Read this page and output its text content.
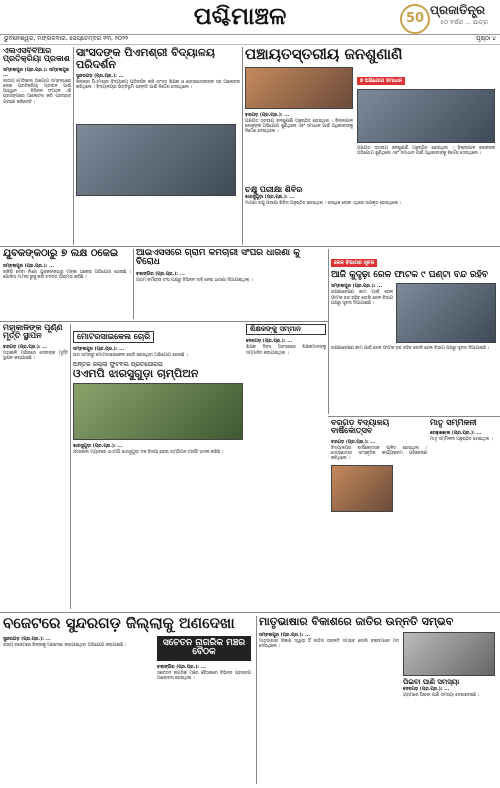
ପଶ୍ଚିମାଞ୍ଚଳ	50
ପ୍ରଜାତିନ୍ତ୍ର
୫୦ ବର୍ଷର ... ଯାତ୍ରା
ଭୁବନେଶ୍ୱର, ମଙ୍ଗଳବାର, ସେପ୍ଟେମ୍ବର ୧୩, ୨୦୨୨	ପୃଷ୍ଠା ୪
ଏଲଏସବିବିଆର ପ୍ରତିକ୍ରିୟା ପ୍ରକାଶ
ସମ୍ବଲପୁର (ପ୍ର.ପ୍ର.): ସମ୍ବଲପୁର ...
ଜାତୀୟ ମେଡିକାଲ ଆୟୋଗ ସମ୍ବନ୍ଧରେ ଲୋକ ପ୍ରତିକ୍ରିୟା ପ୍ରଦାନ ପାଇଁ ଆହ୍ୱାନ ... ବିଭିନ୍ନ ସଂଗଠନ ଏହି ପ୍ରସଙ୍ଗରେ ଆଲୋଚନା କରି ପ୍ରସ୍ତାବ ଗ୍ରହଣ କରିଛନ୍ତି ।
ସାଂସଦଙ୍କ ପିଏମଶ୍ରୀ ବିଦ୍ୟାଳୟ ପରିଦର୍ଶନ
ସୁନ୍ଦରଗଡ଼ (ପ୍ର.ପ୍ର.): ...
ଜିଲ୍ଲାର ପିଏମଶ୍ରୀ ବିଦ୍ୟାଳୟ ପରିଦର୍ଶନ କରି ସାଂସଦ ଶିକ୍ଷକ ଓ ଛାତ୍ରଛାତ୍ରୀଙ୍କ ସହ ଆଲୋଚନା କରିଥିଲେ । ବିଦ୍ୟାଳୟର ଭିତ୍ତିଭୂମି ଉନ୍ନତି ପାଇଁ ନିର୍ଦ୍ଦେଶ ଦେଇଥିଲେ ।
ପଞ୍ଚାୟତସ୍ତରୀୟ ଜନଶୁଣାଣି
ବରଗଡ଼ (ପ୍ର.ପ୍ର.): ...
ପଞ୍ଚାୟତ ସ୍ତରୀୟ ଜନଶୁଣାଣି ଅନୁଷ୍ଠିତ ହୋଇଥିଲା । ଜିଲ୍ଲାପାଳ ଲୋକଙ୍କ ଅଭିଯୋଗ ଶୁଣିଥିଲେ ଏବଂ ସମାଧାନ ପାଇଁ ଅଧିକାରୀଙ୍କୁ ନିର୍ଦ୍ଦେଶ ଦେଇଥିଲେ ।
୭ ଅଭିଯୋଗ ସମାଧାନ
ପଞ୍ଚାୟତ ସ୍ତରୀୟ ଜନଶୁଣାଣି ଅନୁଷ୍ଠିତ ହୋଇଥିଲା । ଜିଲ୍ଲାପାଳ ଲୋକଙ୍କ ଅଭିଯୋଗ ଶୁଣିଥିଲେ ଏବଂ ସମାଧାନ ପାଇଁ ଅଧିକାରୀଙ୍କୁ ନିର୍ଦ୍ଦେଶ ଦେଇଥିଲେ ।
ଚକ୍ଷୁ ପରୀକ୍ଷା ଶିବିର
ଝାରସୁଗୁଡ଼ା (ପ୍ର.ପ୍ର.): ...
ମାଗଣା ଚକ୍ଷୁ ପରୀକ୍ଷା ଶିବିର ଅନୁଷ୍ଠିତ ହୋଇଥିଲା । ଶତାଧିକ ଲୋକ ଏଥିରେ ଉପକୃତ ହୋଇଥିଲେ ।
ଯୁବକଙ୍କଠାରୁ ୭ ଲକ୍ଷ ଠକେଇ
ସମ୍ବଲପୁର (ପ୍ର.ପ୍ର.): ...
ଚାକିରି ଦେବା ନାଁରେ ଯୁବକଙ୍କଠାରୁ ଟଙ୍କା ଠକେଇ ଅଭିଯୋଗ ହୋଇଛି । ପୋଲିସ ମାମଲା ରୁଜୁ କରି ତଦନ୍ତ ଆରମ୍ଭ କରିଛି ।
ଆଇଏସସିରେ ଗ୍ରାମ କର୍ମଚାରୀ ସଂଘର ଧାରଣା କୁ ବିରୋଧ
ବଲାଙ୍ଗିର (ପ୍ର.ପ୍ର.): ...
ଗ୍ରାମ କର୍ମଚାରୀ ସଂଘ ପକ୍ଷରୁ ବିଭିନ୍ନ ଦାବି ନେଇ ଧାରଣା ଦିଆଯାଇଥିଲା ।
ରେଳ ବିଭାଗର ସୂଚନା
ଆଜି କୁଦୃଢ଼ା ରେଳ ଫାଟକ ୯ ଘଣ୍ଟା ବନ୍ଦ ରହିବ
ସମ୍ବଲପୁର (ପ୍ର.ପ୍ର.): ...
ରକ୍ଷଣାବେକ୍ଷଣ କାମ ପାଇଁ ରେଳ ଫାଟକ ବନ୍ଦ ରହିବ ବୋଲି ରେଳ ବିଭାଗ ପକ୍ଷରୁ ସୂଚନା ଦିଆଯାଇଛି ।
ରକ୍ଷଣାବେକ୍ଷଣ କାମ ପାଇଁ ରେଳ ଫାଟକ ବନ୍ଦ ରହିବ ବୋଲି ରେଳ ବିଭାଗ ପକ୍ଷରୁ ସୂଚନା ଦିଆଯାଇଛି ।
ମହାକାଳିଙ୍କ ପୂର୍ଣ୍ଣ ମୂର୍ତ୍ତି ସ୍ଥାପନ
ବରଗଡ଼ (ପ୍ର.ପ୍ର.): ...
ମହାକାଳି ମନ୍ଦିରରେ ଦେବୀଙ୍କ ମୂର୍ତ୍ତି ସ୍ଥାପନ କରାଯାଇଛି ।
ମୋଟରସାଇକେଲ ଚୋରି
ସମ୍ବଲପୁର (ପ୍ର.ପ୍ର.): ...
ଘର ସାମ୍ନାରୁ ମୋଟରସାଇକେଲ ଚୋରି ହୋଇଥିବା ଅଭିଯୋଗ ହୋଇଛି ।
ଶିକ୍ଷକଙ୍କୁ ସମ୍ମାନ
ଦେବଗଡ଼ (ପ୍ର.ପ୍ର.): ...
ଶିକ୍ଷକ ଦିବସ ଅବସରରେ ଶିକ୍ଷକମାନଙ୍କୁ ସମ୍ମାନିତ କରାଯାଇଥିଲା ।
ଅନ୍ତର ଜିଲ୍ଲା ଫୁଟବଲ ପ୍ରତିଯୋଗିତା
ଓଏମପି ଝାରସୁଗୁଡ଼ା ଚାମ୍ପିଅନ
ଝାରସୁଗୁଡ଼ା (ପ୍ର.ପ୍ର.): ...
ଫାଇନାଲ ମ୍ୟାଚରେ ଓଏମପି ଝାରସୁଗୁଡ଼ା ଦଳ ବିଜୟୀ ହୋଇ ଚାମ୍ପିଅନ ଟ୍ରଫି ହାସଲ କରିଛି ।
ବରଗଡ଼ ବିଦ୍ୟାଳୟ ବାର୍ଷିକୋତ୍ସବ
ବରଗଡ଼ (ପ୍ର.ପ୍ର.): ...
ବିଦ୍ୟାଳୟର ବାର୍ଷିକୋତ୍ସବ ପାଳିତ ହୋଇଥିଲା । ଛାତ୍ରଛାତ୍ରୀ ସାଂସ୍କୃତିକ କାର୍ଯ୍ୟକ୍ରମ ପରିବେଷଣ କରିଥିଲେ ।
ମାତୃ ସମ୍ମିଳନୀ
ରେଢ଼ାଖୋଲ (ପ୍ର.ପ୍ର.): ...
ମାତୃ ସମ୍ମିଳନୀ ଅନୁଷ୍ଠିତ ହୋଇଥିଲା ।
ବଜେଟରେ ସୁନ୍ଦରଗଡ଼ ଜିଲ୍ଲାକୁ ଅଣଦେଖା
ସୁନ୍ଦରଗଡ଼ (ପ୍ର.ପ୍ର.): ...
ରାଜ୍ୟ ବଜେଟରେ ଜିଲ୍ଲାକୁ ଅଣଦେଖା କରାଯାଇଥିବା ଅଭିଯୋଗ କରାଯାଇଛି ।	ସଚେତନ ନାଗରିକ ମଞ୍ଚର ବୈଠକ
ବଲାଙ୍ଗିର (ପ୍ର.ପ୍ର.): ...
ସଚେତନ ନାଗରିକ ମଞ୍ଚର ବୈଠକରେ ବିଭିନ୍ନ ପ୍ରସଙ୍ଗ ଆଲୋଚନା ହୋଇଥିଲା ।
ମାତୃଭାଷାର ବିକାଶରେ ଜାତିର ଉନ୍ନତି ସମ୍ଭବ
ସମ୍ବଲପୁର (ପ୍ର.ପ୍ର.): ...
ମାତୃଭାଷାର ବିକାଶ ଦ୍ୱାରା ହିଁ ଜାତିର ଉନ୍ନତି ସମ୍ଭବ ବୋଲି ବକ୍ତାମାନେ ମତ ଦେଇଥିଲେ ।
ପିଇବା ପାଣି ସମସ୍ୟା
ଦେବଗଡ଼ (ପ୍ର.ପ୍ର.): ...
ଗ୍ରାମରେ ପିଇବା ପାଣି ସମସ୍ୟା ଦେଖାଦେଇଛି ।
